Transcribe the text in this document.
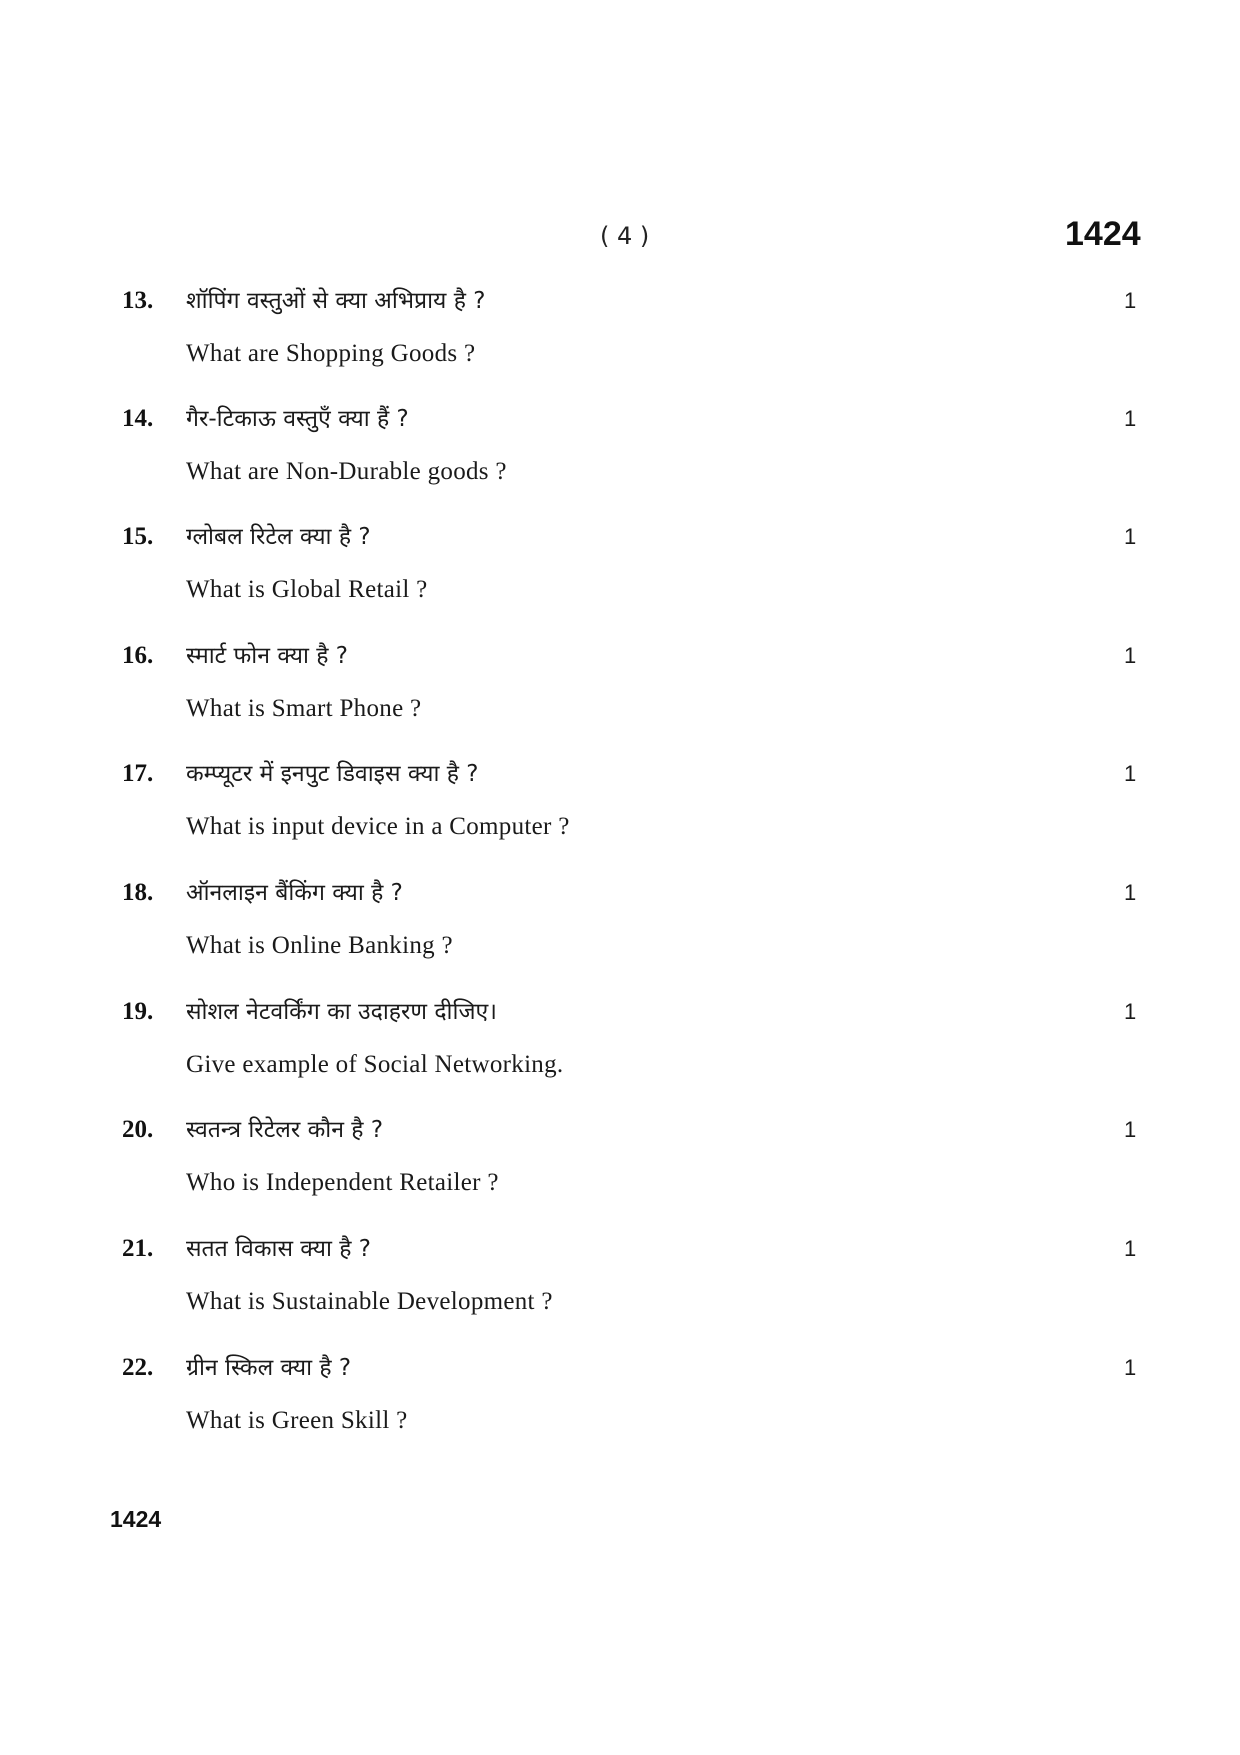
( 4 )	1424
13. शॉपिंग वस्तुओं से क्या अभिप्राय है ?
What are Shopping Goods ?
1
14. गैर-टिकाऊ वस्तुएँ क्या हैं ?
What are Non-Durable goods ?
1
15. ग्लोबल रिटेल क्या है ?
What is Global Retail ?
1
16. स्मार्ट फोन क्या है ?
What is Smart Phone ?
1
17. कम्प्यूटर में इनपुट डिवाइस क्या है ?
What is input device in a Computer ?
1
18. ऑनलाइन बैंकिंग क्या है ?
What is Online Banking ?
1
19. सोशल नेटवर्किंग का उदाहरण दीजिए।
Give example of Social Networking.
1
20. स्वतन्त्र रिटेलर कौन है ?
Who is Independent Retailer ?
1
21. सतत विकास क्या है ?
What is Sustainable Development ?
1
22. ग्रीन स्किल क्या है ?
What is Green Skill ?
1
1424
